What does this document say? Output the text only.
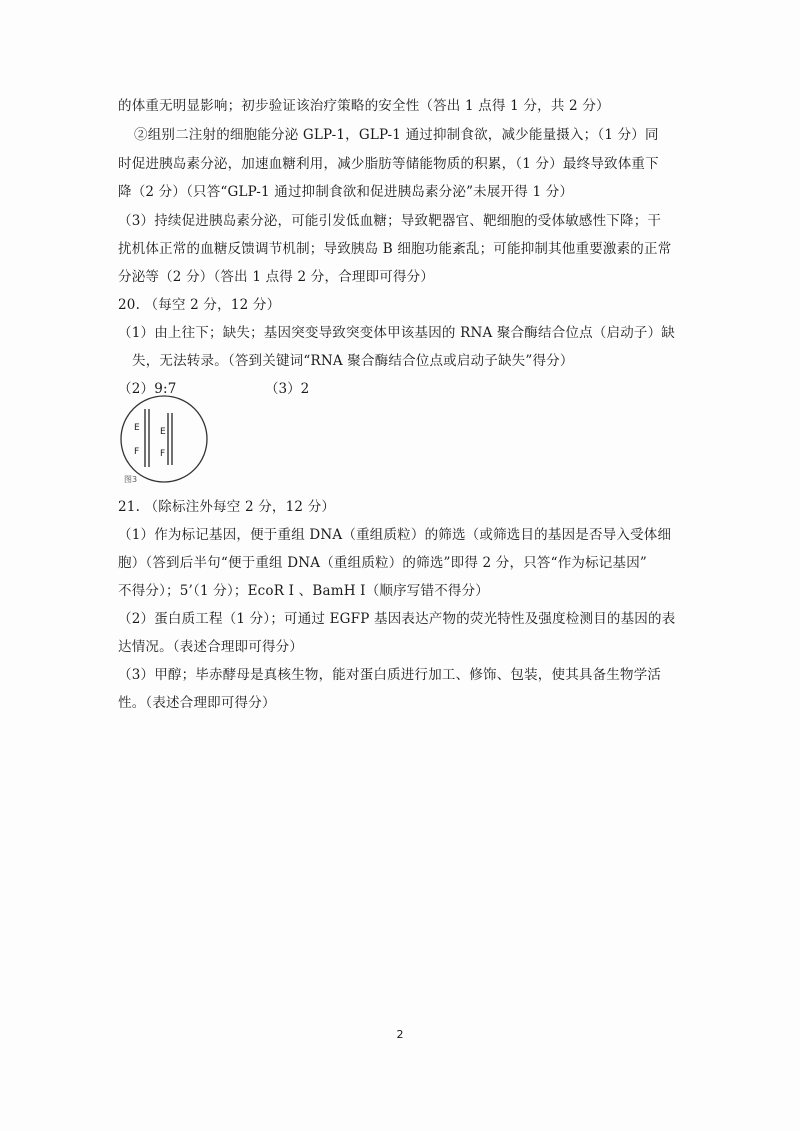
的体重无明显影响；初步验证该治疗策略的安全性（答出 1 点得 1 分，共 2 分）
②组别二注射的细胞能分泌 GLP-1，GLP-1 通过抑制食欲，减少能量摄入；（1 分）同
时促进胰岛素分泌，加速血糖利用，减少脂肪等储能物质的积累，（1 分）最终导致体重下
降（2 分）（只答“GLP-1 通过抑制食欲和促进胰岛素分泌”未展开得 1 分）
（3）持续促进胰岛素分泌，可能引发低血糖；导致靶器官、靶细胞的受体敏感性下降；干
扰机体正常的血糖反馈调节机制；导致胰岛 B 细胞功能紊乱；可能抑制其他重要激素的正常
分泌等（2 分）（答出 1 点得 2 分，合理即可得分）
20. （每空 2 分，12 分）
（1）由上往下；缺失；基因突变导致突变体甲该基因的 RNA 聚合酶结合位点（启动子）缺
失，无法转录。（答到关键词“RNA 聚合酶结合位点或启动子缺失”得分）
（2）9:7	（3）2
E
F
E
F
图3
21. （除标注外每空 2 分，12 分）
（1）作为标记基因，便于重组 DNA（重组质粒）的筛选（或筛选目的基因是否导入受体细
胞）（答到后半句“便于重组 DNA（重组质粒）的筛选”即得 2 分，只答“作为标记基因”
不得分）；5’（1 分）；EcoR Ⅰ 、BamH Ⅰ（顺序写错不得分）
（2）蛋白质工程（1 分）；可通过 EGFP 基因表达产物的荧光特性及强度检测目的基因的表
达情况。（表述合理即可得分）
（3）甲醇；毕赤酵母是真核生物，能对蛋白质进行加工、修饰、包装，使其具备生物学活
性。（表述合理即可得分）
2
